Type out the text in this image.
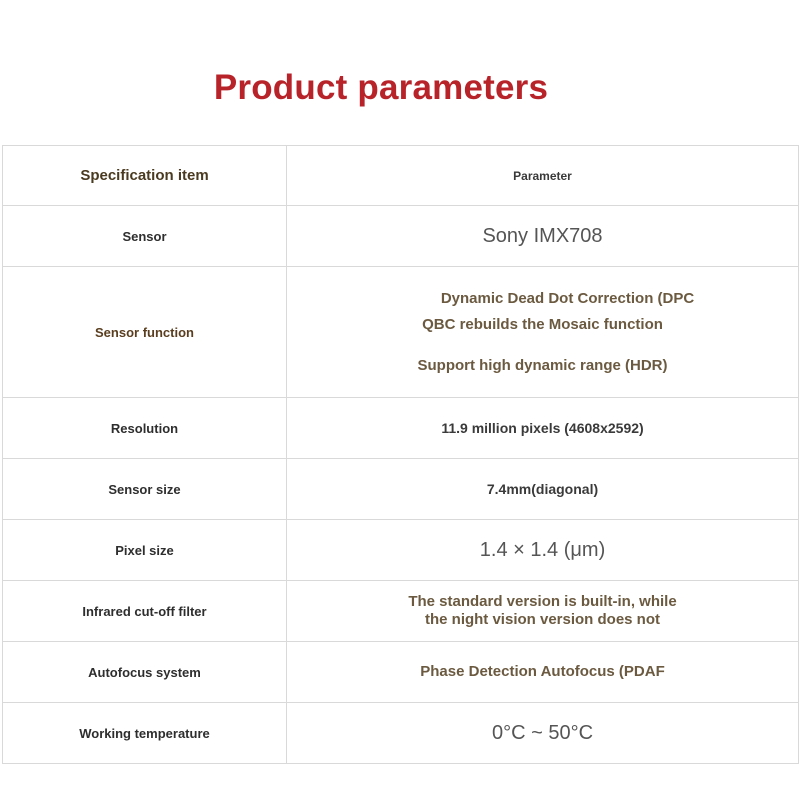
Product parameters
Specification item	Parameter
Sensor	Sony IMX708
Sensor function	Dynamic Dead Dot Correction (DPC
QBC rebuilds the Mosaic function
Support high dynamic range (HDR)

Resolution	11.9 million pixels (4608x2592)
Sensor size	7.4mm(diagonal)
Pixel size	1.4 × 1.4 (μm)
Infrared cut-off filter	The standard version is built-in, while
the night vision version does not

Autofocus system	Phase Detection Autofocus (PDAF
Working temperature	0°C ~ 50°C
